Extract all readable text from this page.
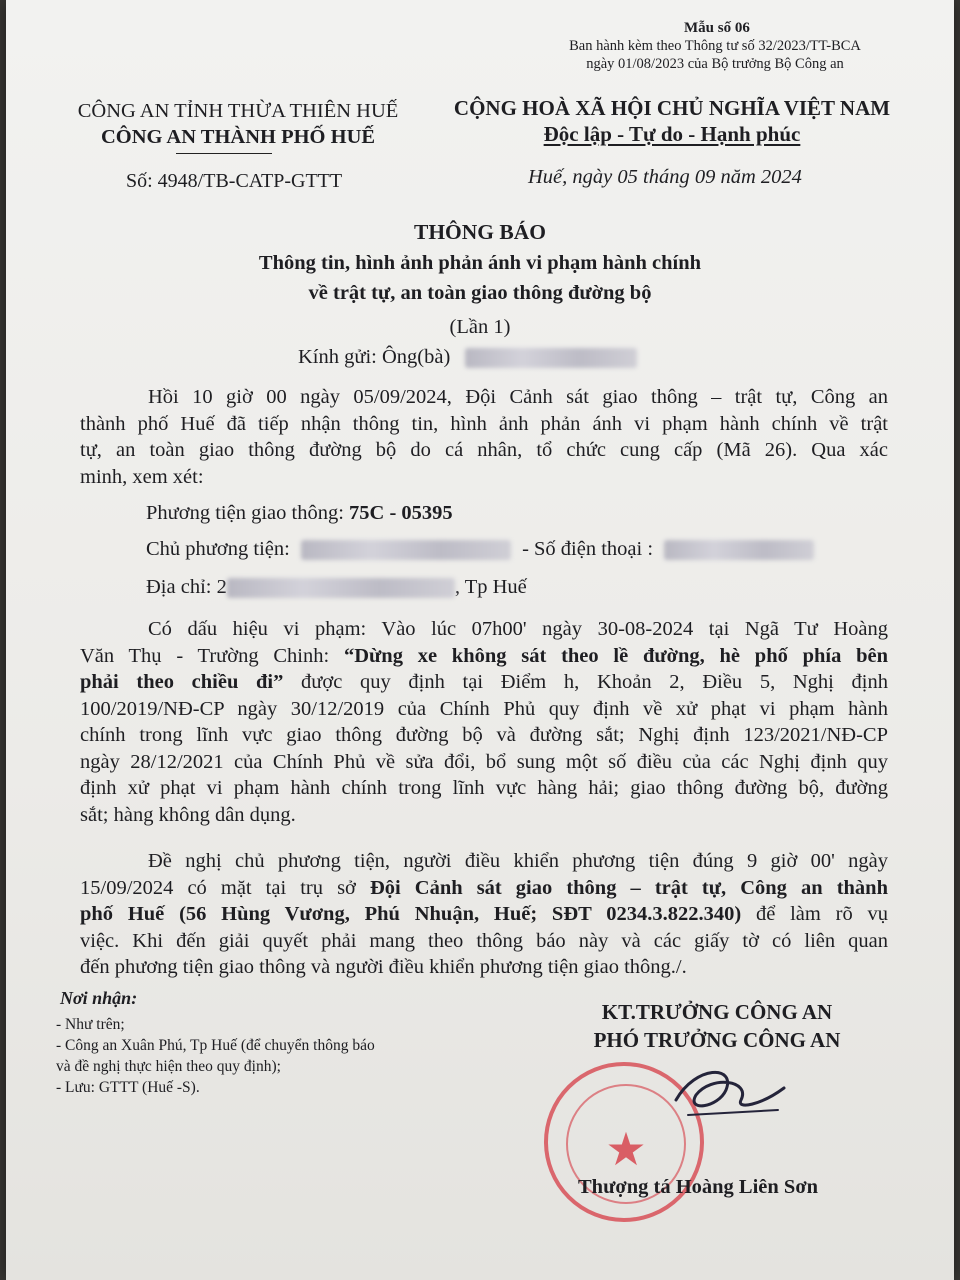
Mẫu số 06
Ban hành kèm theo Thông tư số 32/2023/TT-BCA
ngày 01/08/2023 của Bộ trưởng Bộ Công an
CÔNG AN TỈNH THỪA THIÊN HUẾ
CÔNG AN THÀNH PHỐ HUẾ
CỘNG HOÀ XÃ HỘI CHỦ NGHĨA VIỆT NAM
Độc lập - Tự do - Hạnh phúc
Số: 4948/TB-CATP-GTTT	Huế, ngày 05 tháng 09 năm 2024
THÔNG BÁO
Thông tin, hình ảnh phản ánh vi phạm hành chính
về trật tự, an toàn giao thông đường bộ
(Lần 1)
Kính gửi: Ông(bà)
Hồi 10 giờ 00 ngày 05/09/2024, Đội Cảnh sát giao thông – trật tự, Công an
thành phố Huế đã tiếp nhận thông tin, hình ảnh phản ánh vi phạm hành chính về trật
tự, an toàn giao thông đường bộ do cá nhân, tổ chức cung cấp (Mã 26). Qua xác
minh, xem xét:
Phương tiện giao thông: 75C - 05395
Chủ phương tiện:	- Số điện thoại :
Địa chỉ: 2	, Tp Huế
Có dấu hiệu vi phạm: Vào lúc 07h00' ngày 30-08-2024 tại Ngã Tư Hoàng
Văn Thụ - Trường Chinh: “Dừng xe không sát theo lề đường, hè phố phía bên
phải theo chiều đi” được quy định tại Điểm h, Khoản 2, Điều 5, Nghị định
100/2019/NĐ-CP ngày 30/12/2019 của Chính Phủ quy định về xử phạt vi phạm hành
chính trong lĩnh vực giao thông đường bộ và đường sắt; Nghị định 123/2021/NĐ-CP
ngày 28/12/2021 của Chính Phủ về sửa đổi, bổ sung một số điều của các Nghị định quy
định xử phạt vi phạm hành chính trong lĩnh vực hàng hải; giao thông đường bộ, đường
sắt; hàng không dân dụng.
Đề nghị chủ phương tiện, người điều khiển phương tiện đúng 9 giờ 00' ngày
15/09/2024 có mặt tại trụ sở Đội Cảnh sát giao thông – trật tự, Công an thành
phố Huế (56 Hùng Vương, Phú Nhuận, Huế; SĐT 0234.3.822.340) để làm rõ vụ
việc. Khi đến giải quyết phải mang theo thông báo này và các giấy tờ có liên quan
đến phương tiện giao thông và người điều khiển phương tiện giao thông./.
Nơi nhận:
- Như trên;
- Công an Xuân Phú, Tp Huế (để chuyển thông báo
và đề nghị thực hiện theo quy định);
- Lưu: GTTT (Huế -S).
KT.TRƯỞNG CÔNG AN
PHÓ TRƯỞNG CÔNG AN
★
Thượng tá Hoàng Liên Sơn
